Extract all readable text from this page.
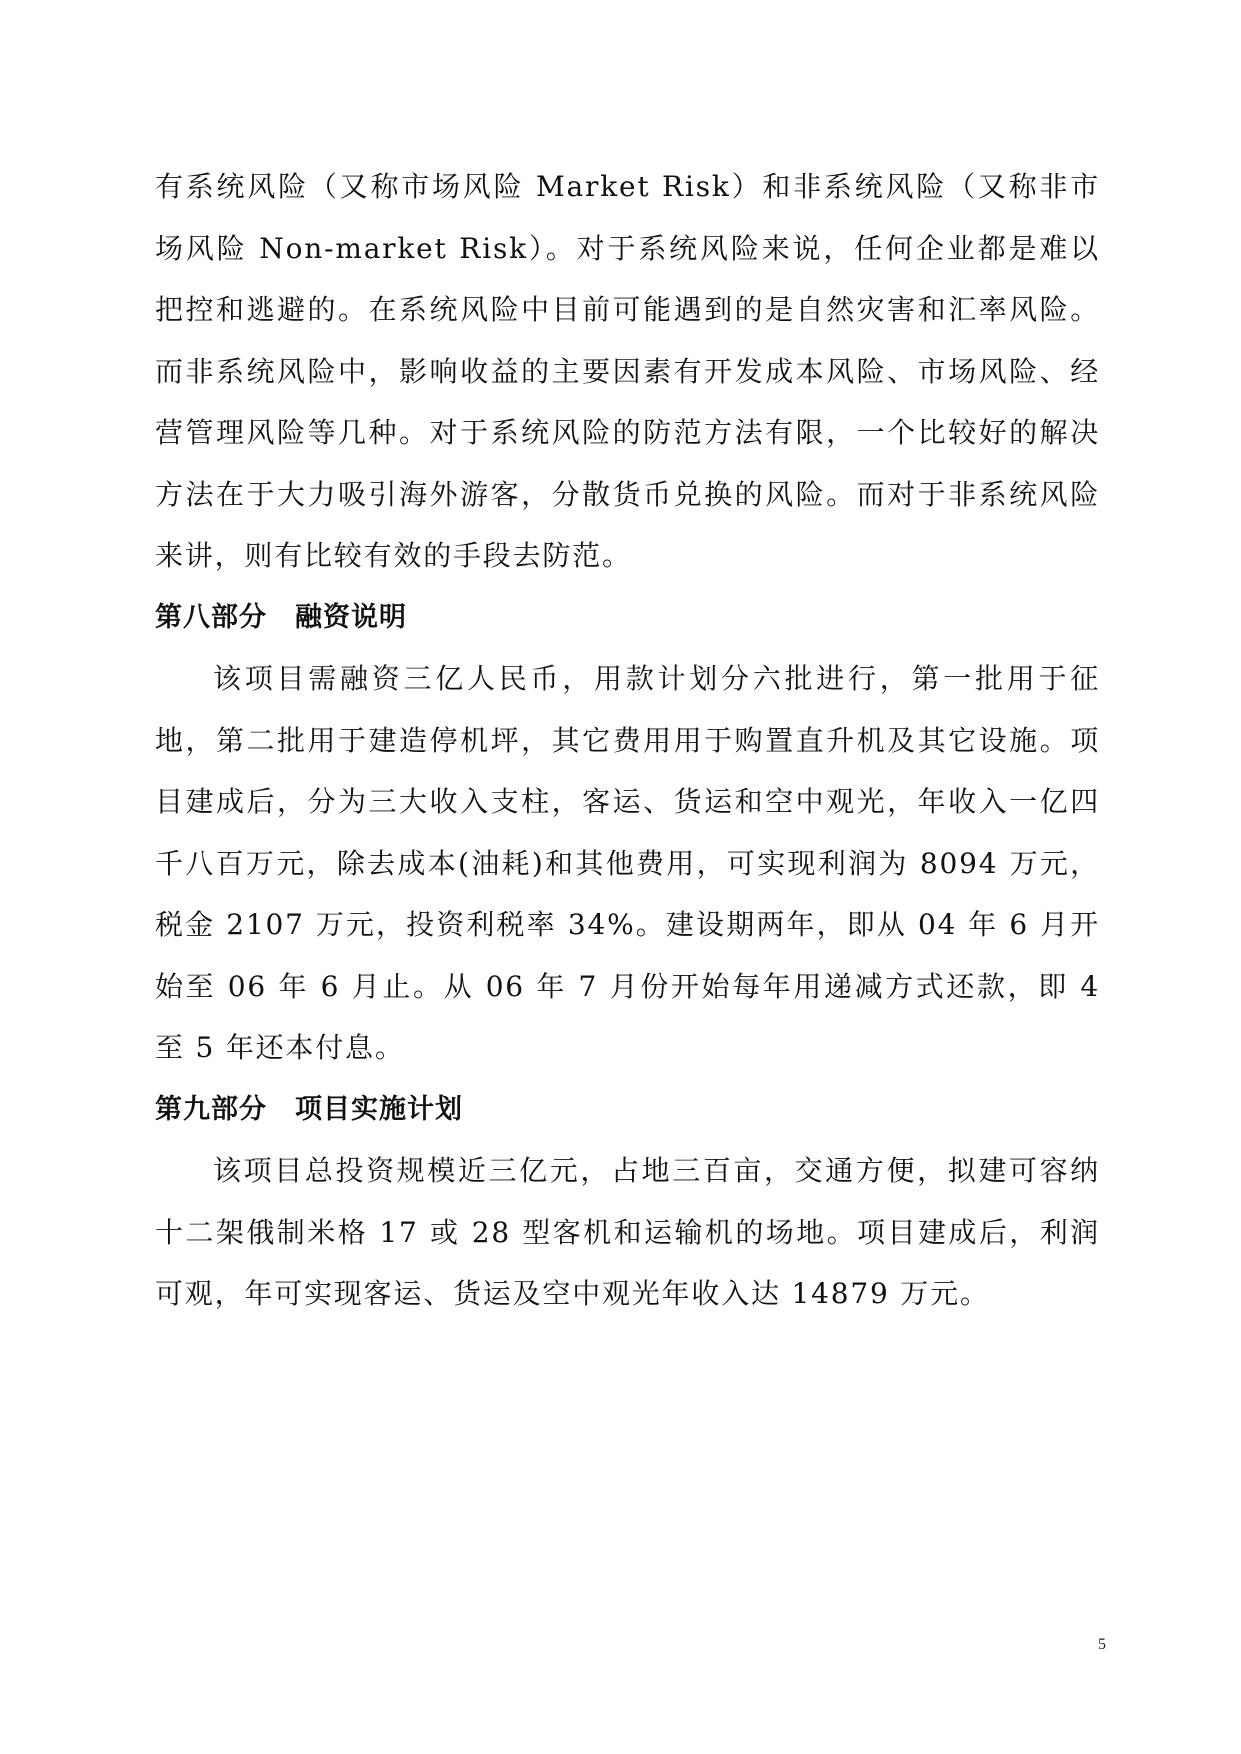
有系统风险（又称市场风险 Market Risk）和非系统风险（又称非市场风险 Non-market Risk）。对于系统风险来说，任何企业都是难以把控和逃避的。在系统风险中目前可能遇到的是自然灾害和汇率风险。而非系统风险中，影响收益的主要因素有开发成本风险、市场风险、经营管理风险等几种。对于系统风险的防范方法有限，一个比较好的解决方法在于大力吸引海外游客，分散货币兑换的风险。而对于非系统风险来讲，则有比较有效的手段去防范。

第八部分　融资说明

该项目需融资三亿人民币，用款计划分六批进行，第一批用于征地，第二批用于建造停机坪，其它费用用于购置直升机及其它设施。项目建成后，分为三大收入支柱，客运、货运和空中观光，年收入一亿四千八百万元，除去成本(油耗)和其他费用，可实现利润为 8094 万元，税金 2107 万元，投资利税率 34%。建设期两年，即从 04 年 6 月开始至 06 年 6 月止。从 06 年 7 月份开始每年用递减方式还款，即 4 至 5 年还本付息。

第九部分　项目实施计划

该项目总投资规模近三亿元，占地三百亩，交通方便，拟建可容纳十二架俄制米格 17 或 28 型客机和运输机的场地。项目建成后，利润可观，年可实现客运、货运及空中观光年收入达 14879 万元。

5
